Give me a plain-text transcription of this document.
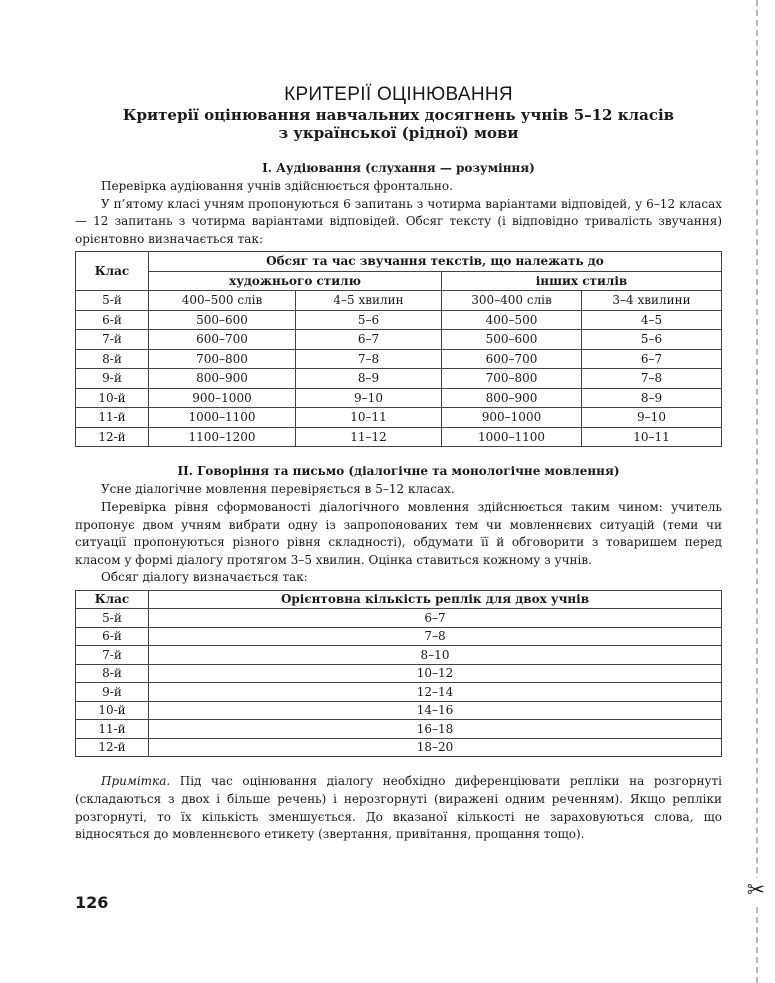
✂
КРИТЕРІЇ ОЦІНЮВАННЯ
Критерії оцінювання навчальних досягнень учнів 5–12 класів
з української (рідної) мови
І. Аудіювання (слухання — розуміння)

Перевірка аудіювання учнів здійснюється фронтально.

У п’ятому класі учням пропонуються 6 запитань з чотирма варіантами відповідей, у 6–12 класах — 12 запитань з чотирма варіантами відповідей. Обсяг тексту (і відповідно тривалість звучання) орієнтовно визначається так:

Клас	Обсяг та час звучання текстів, що належать до			
	художнього стилю		інших стилів	
5-й	400–500 слів	4–5 хвилин	300–400 слів	3–4 хвилини
6-й	500–600	5–6	400–500	4–5
7-й	600–700	6–7	500–600	5–6
8-й	700–800	7–8	600–700	6–7
9-й	800–900	8–9	700–800	7–8
10-й	900–1000	9–10	800–900	8–9
11-й	1000–1100	10–11	900–1000	9–10
12-й	1100–1200	11–12	1000–1100	10–11
ІІ. Говоріння та письмо (діалогічне та монологічне мовлення)

Усне діалогічне мовлення перевіряється в 5–12 класах.

Перевірка рівня сформованості діалогічного мовлення здійснюється таким чином: учитель пропонує двом учням вибрати одну із запропонованих тем чи мовленнєвих ситуацій (теми чи ситуації пропонуються різного рівня складності), обдумати її й обговорити з товаришем перед класом у формі діалогу протягом 3–5 хвилин. Оцінка ставиться кожному з учнів.

Обсяг діалогу визначається так:

Клас	Орієнтовна кількість реплік для двох учнів
5-й	6–7
6-й	7–8
7-й	8–10
8-й	10–12
9-й	12–14
10-й	14–16
11-й	16–18
12-й	18–20

Примітка. Під час оцінювання діалогу необхідно диференціювати репліки на розгорнуті (складаються з двох і більше речень) і нерозгорнуті (виражені одним реченням). Якщо репліки розгорнуті, то їх кількість зменшується. До вказаної кількості не зараховуються слова, що відносяться до мовленнєвого етикету (звертання, привітання, прощання тощо).

126
